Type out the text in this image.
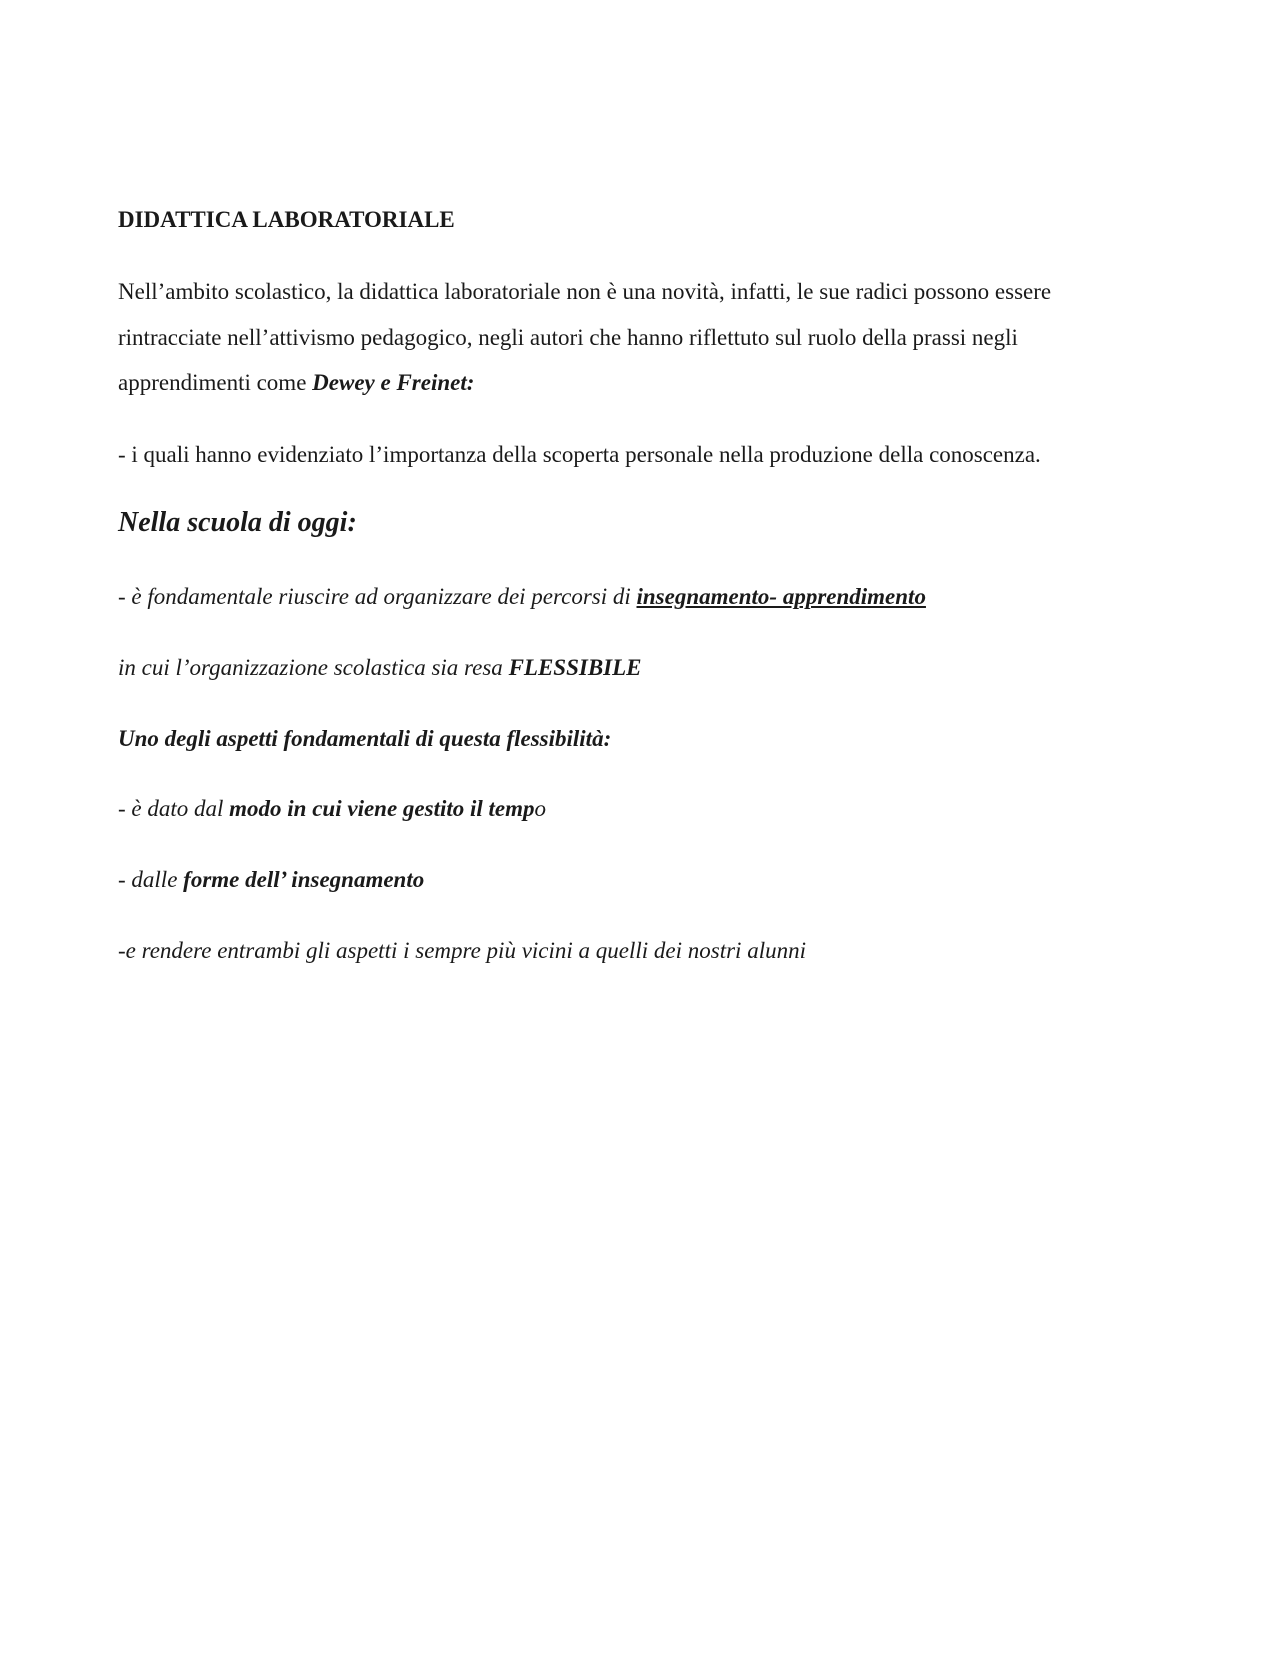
DIDATTICA LABORATORIALE
Nell’ambito scolastico, la didattica laboratoriale non è una novità, infatti, le sue radici possono essere
rintracciate nell’attivismo pedagogico, negli autori che hanno riflettuto sul ruolo della prassi negli
apprendimenti come Dewey e Freinet:
- i quali hanno evidenziato l’importanza della scoperta personale nella produzione della conoscenza.
Nella scuola di oggi:
- è fondamentale riuscire ad organizzare dei percorsi di insegnamento- apprendimento
in cui l’organizzazione scolastica sia resa FLESSIBILE
Uno degli aspetti fondamentali di questa flessibilità:
- è dato dal modo in cui viene gestito il tempo
- dalle forme dell’ insegnamento
-e rendere entrambi gli aspetti i sempre più vicini a quelli dei nostri alunni
